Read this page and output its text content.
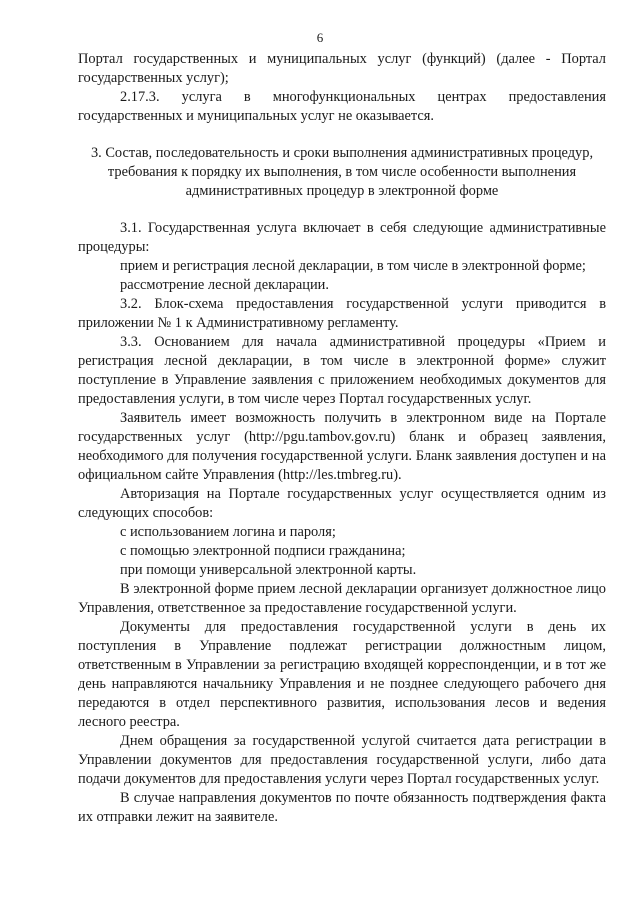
6

Портал государственных и муниципальных услуг (функций) (далее - Портал государственных услуг);

2.17.3. услуга в многофункциональных центрах предоставления государственных и муниципальных услуг не оказывается.

3. Состав, последовательность и сроки выполнения административных процедур, требования к порядку их выполнения, в том числе особенности выполнения административных процедур в электронной форме

3.1. Государственная услуга включает в себя следующие административные процедуры:

прием и регистрация лесной декларации, в том числе в электронной форме;

рассмотрение лесной декларации.

3.2. Блок-схема предоставления государственной услуги приводится в приложении № 1 к Административному регламенту.

3.3. Основанием для начала административной процедуры «Прием и регистрация лесной декларации, в том числе в электронной форме» служит поступление в Управление заявления с приложением необходимых документов для предоставления услуги, в том числе через Портал государственных услуг.

Заявитель имеет возможность получить в электронном виде на Портале государственных услуг (http://pgu.tambov.gov.ru) бланк и образец заявления, необходимого для получения государственной услуги. Бланк заявления доступен и на официальном сайте Управления (http://les.tmbreg.ru).

Авторизация на Портале государственных услуг осуществляется одним из следующих способов:

с использованием логина и пароля;

с помощью электронной подписи гражданина;

при помощи универсальной электронной карты.

В электронной форме прием лесной декларации организует должностное лицо Управления, ответственное за предоставление государственной услуги.

Документы для предоставления государственной услуги в день их поступления в Управление подлежат регистрации должностным лицом, ответственным в Управлении за регистрацию входящей корреспонденции, и в тот же день направляются начальнику Управления и не позднее следующего рабочего дня передаются в отдел перспективного развития, использования лесов и ведения лесного реестра.

Днем обращения за государственной услугой считается дата регистрации в Управлении документов для предоставления государственной услуги, либо дата подачи документов для предоставления услуги через Портал государственных услуг.

В случае направления документов по почте обязанность подтверждения факта их отправки лежит на заявителе.
